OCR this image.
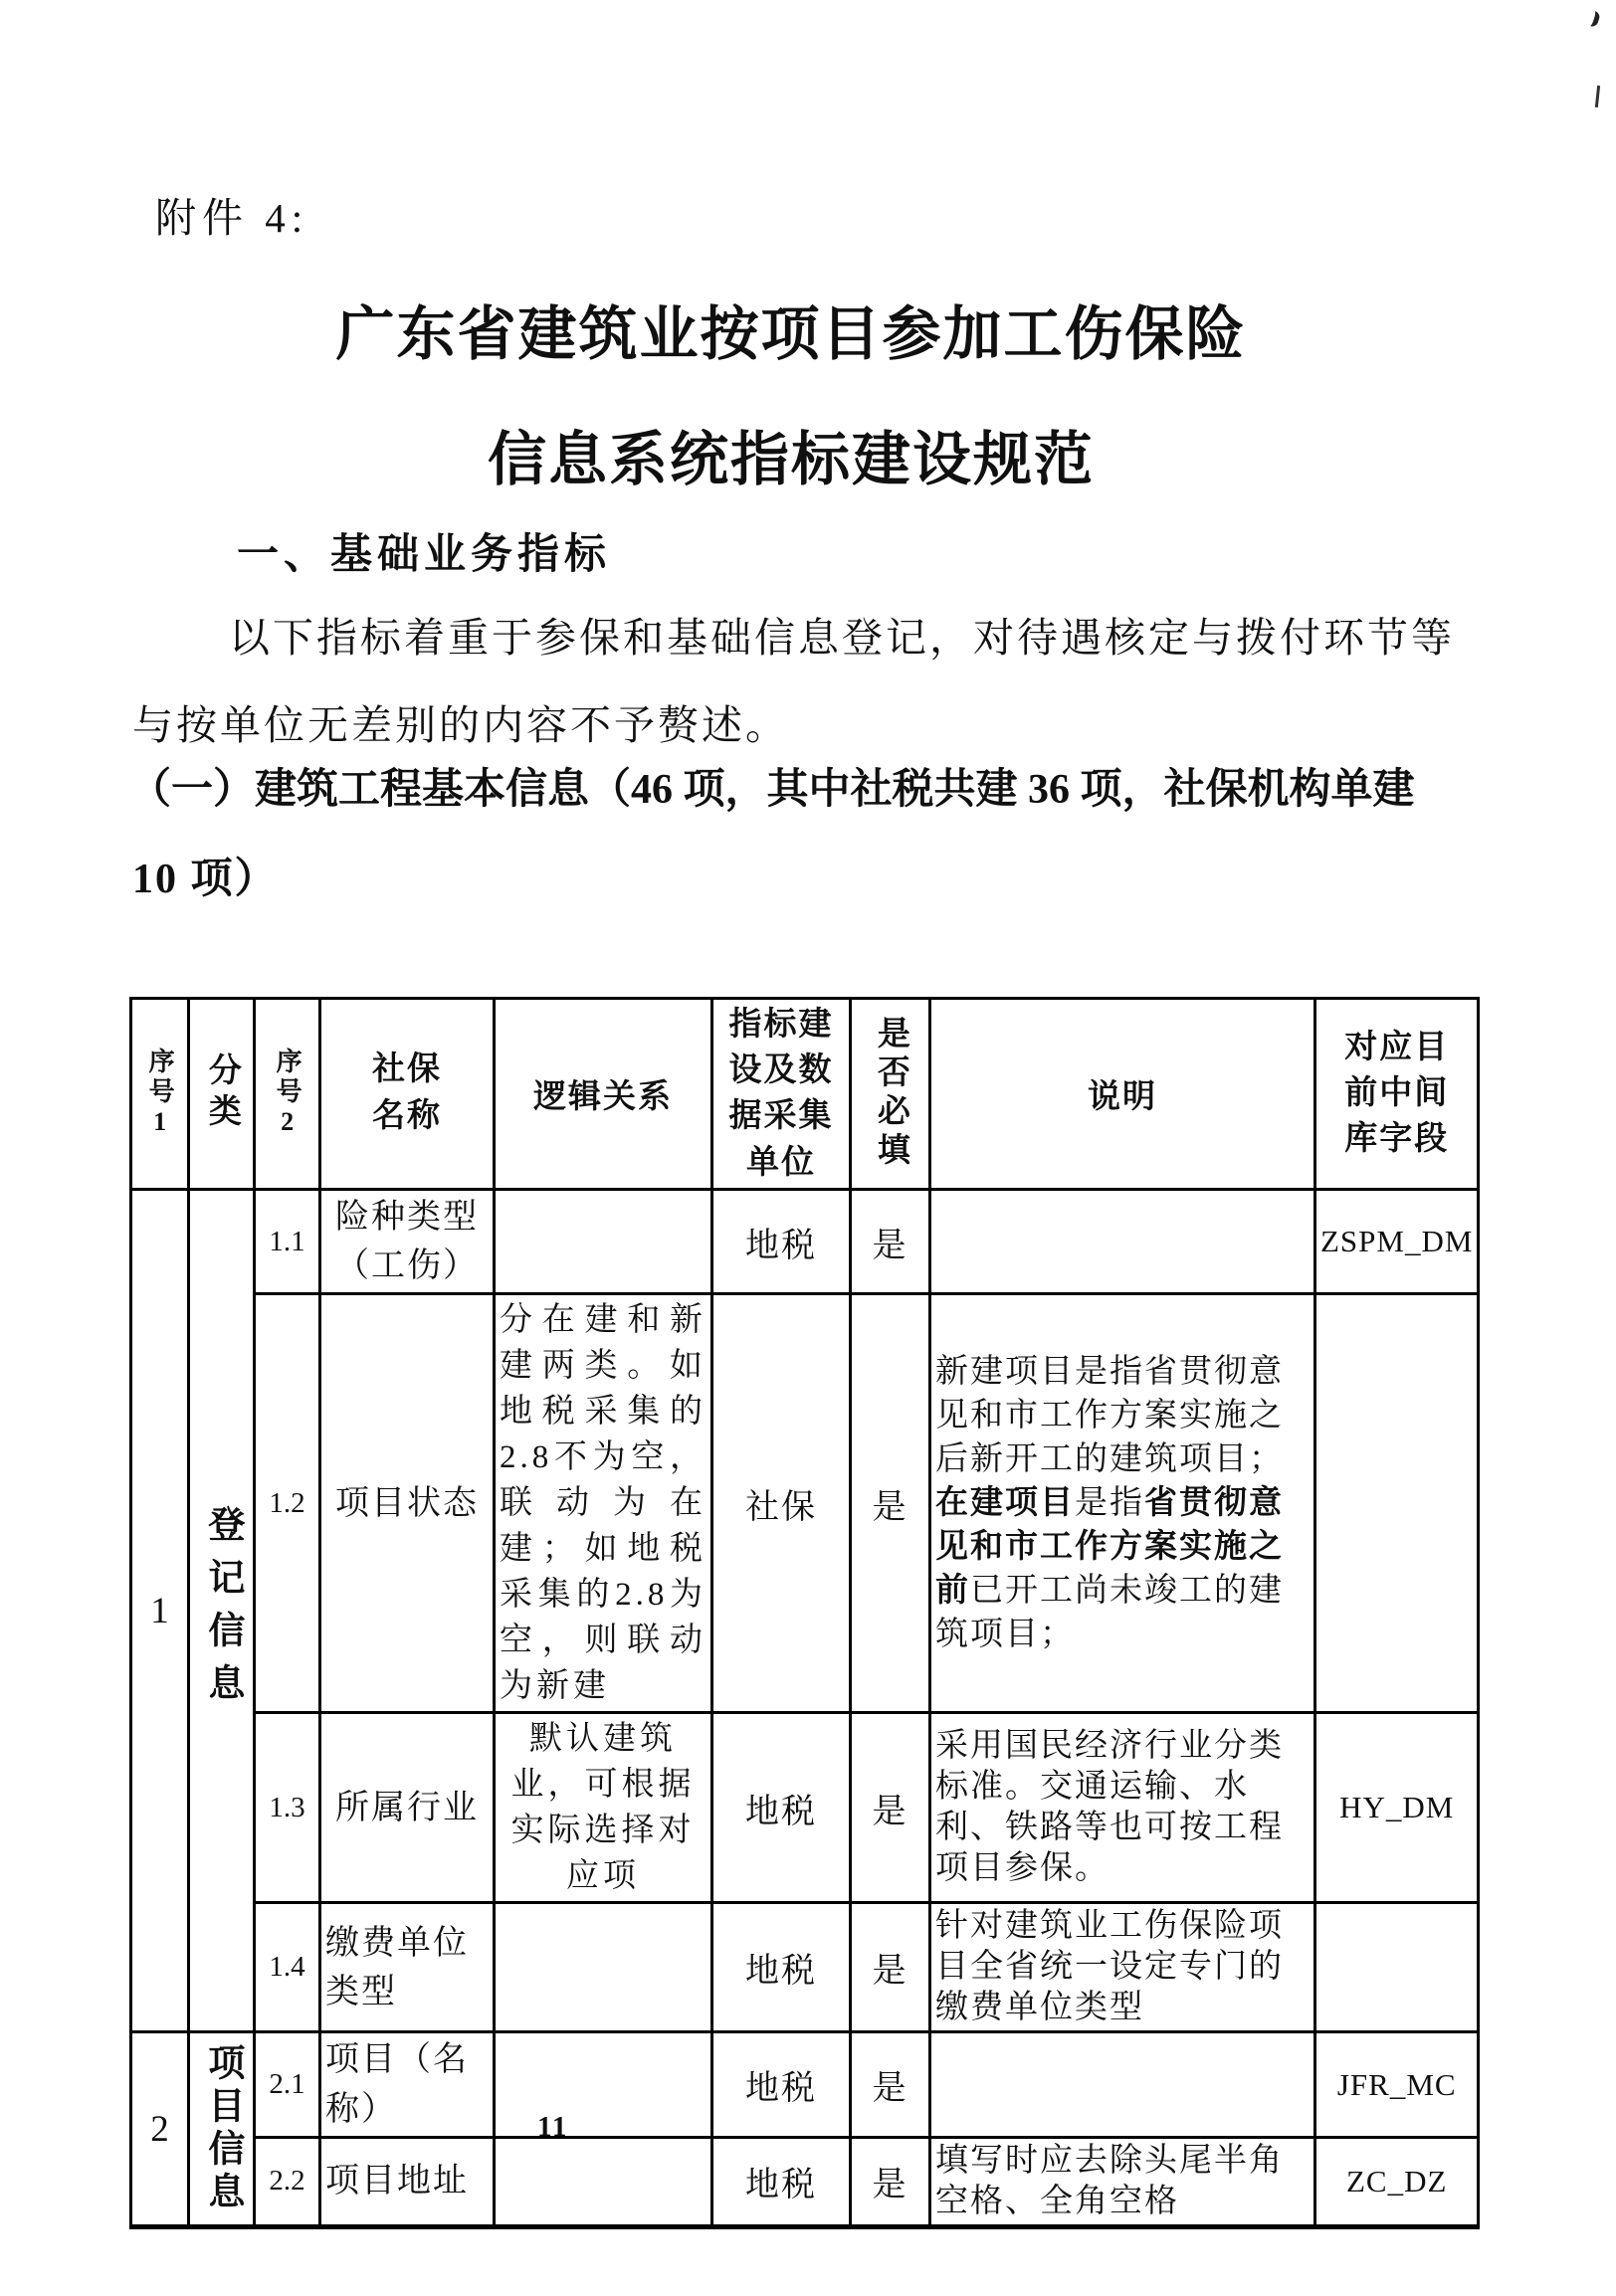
附件 4:
广东省建筑业按项目参加工伤保险
信息系统指标建设规范
一、基础业务指标
以下指标着重于参保和基础信息登记，对待遇核定与拨付环节等
与按单位无差别的内容不予赘述。
（一）建筑工程基本信息（46 项，其中社税共建 36 项，社保机构单建
10 项）
序号1	分类	序号2	社保名称	逻辑关系	指标建设及数据采集单位	是否必填	说明	对应目前中间库字段

1	登记信息	1.1	险种类型（工伤）		地税	是		ZSPM_DM
		1.2	项目状态	分在建和新建两类。如地税采集的2.8不为空，联动为在建；如地税采集的2.8为空，则联动为新建	社保	是	新建项目是指省贯彻意见和市工作方案实施之后新开工的建筑项目；在建项目是指省贯彻意见和市工作方案实施之前已开工尚未竣工的建筑项目；	
		1.3	所属行业	默认建筑业，可根据实际选择对应项	地税	是	采用国民经济行业分类标准。交通运输、水利、铁路等也可按工程项目参保。	HY_DM
		1.4	缴费单位类型		地税	是	针对建筑业工伤保险项目全省统一设定专门的缴费单位类型	
2	项目信息	2.1	项目（名称）		地税	是		JFR_MC
		2.2	项目地址		地税	是	填写时应去除头尾半角空格、全角空格	ZC_DZ
11
